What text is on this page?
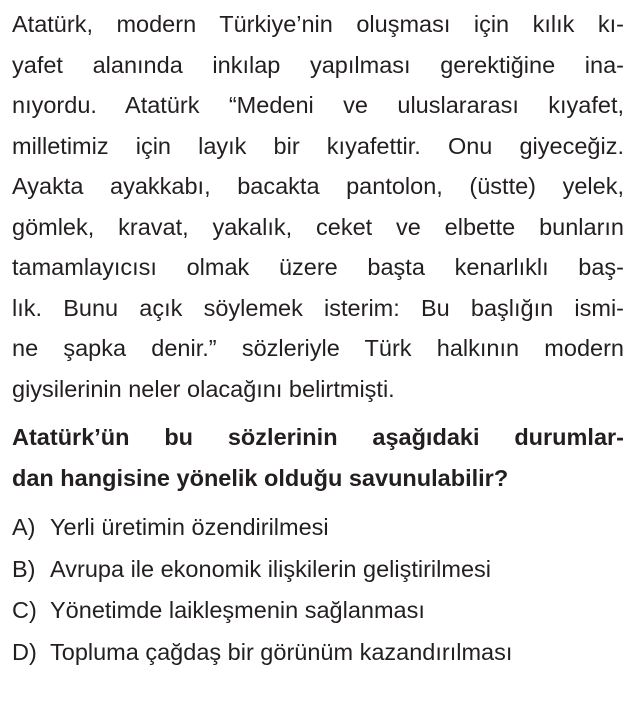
Atatürk, modern Türkiye’nin oluşması için kılık kı-
yafet alanında inkılap yapılması gerektiğine ina-
nıyordu. Atatürk “Medeni ve uluslararası kıyafet,
milletimiz için layık bir kıyafettir. Onu giyeceğiz.
Ayakta ayakkabı, bacakta pantolon, (üstte) yelek,
gömlek, kravat, yakalık, ceket ve elbette bunların
tamamlayıcısı olmak üzere başta kenarlıklı baş-
lık. Bunu açık söylemek isterim: Bu başlığın ismi-
ne şapka denir.” sözleriyle Türk halkının modern
giysilerinin neler olacağını belirtmişti.
Atatürk’ün bu sözlerinin aşağıdaki durumlar-
dan hangisine yönelik olduğu savunulabilir?
A) Yerli üretimin özendirilmesi
B) Avrupa ile ekonomik ilişkilerin geliştirilmesi
C) Yönetimde laikleşmenin sağlanması
D) Topluma çağdaş bir görünüm kazandırılması
